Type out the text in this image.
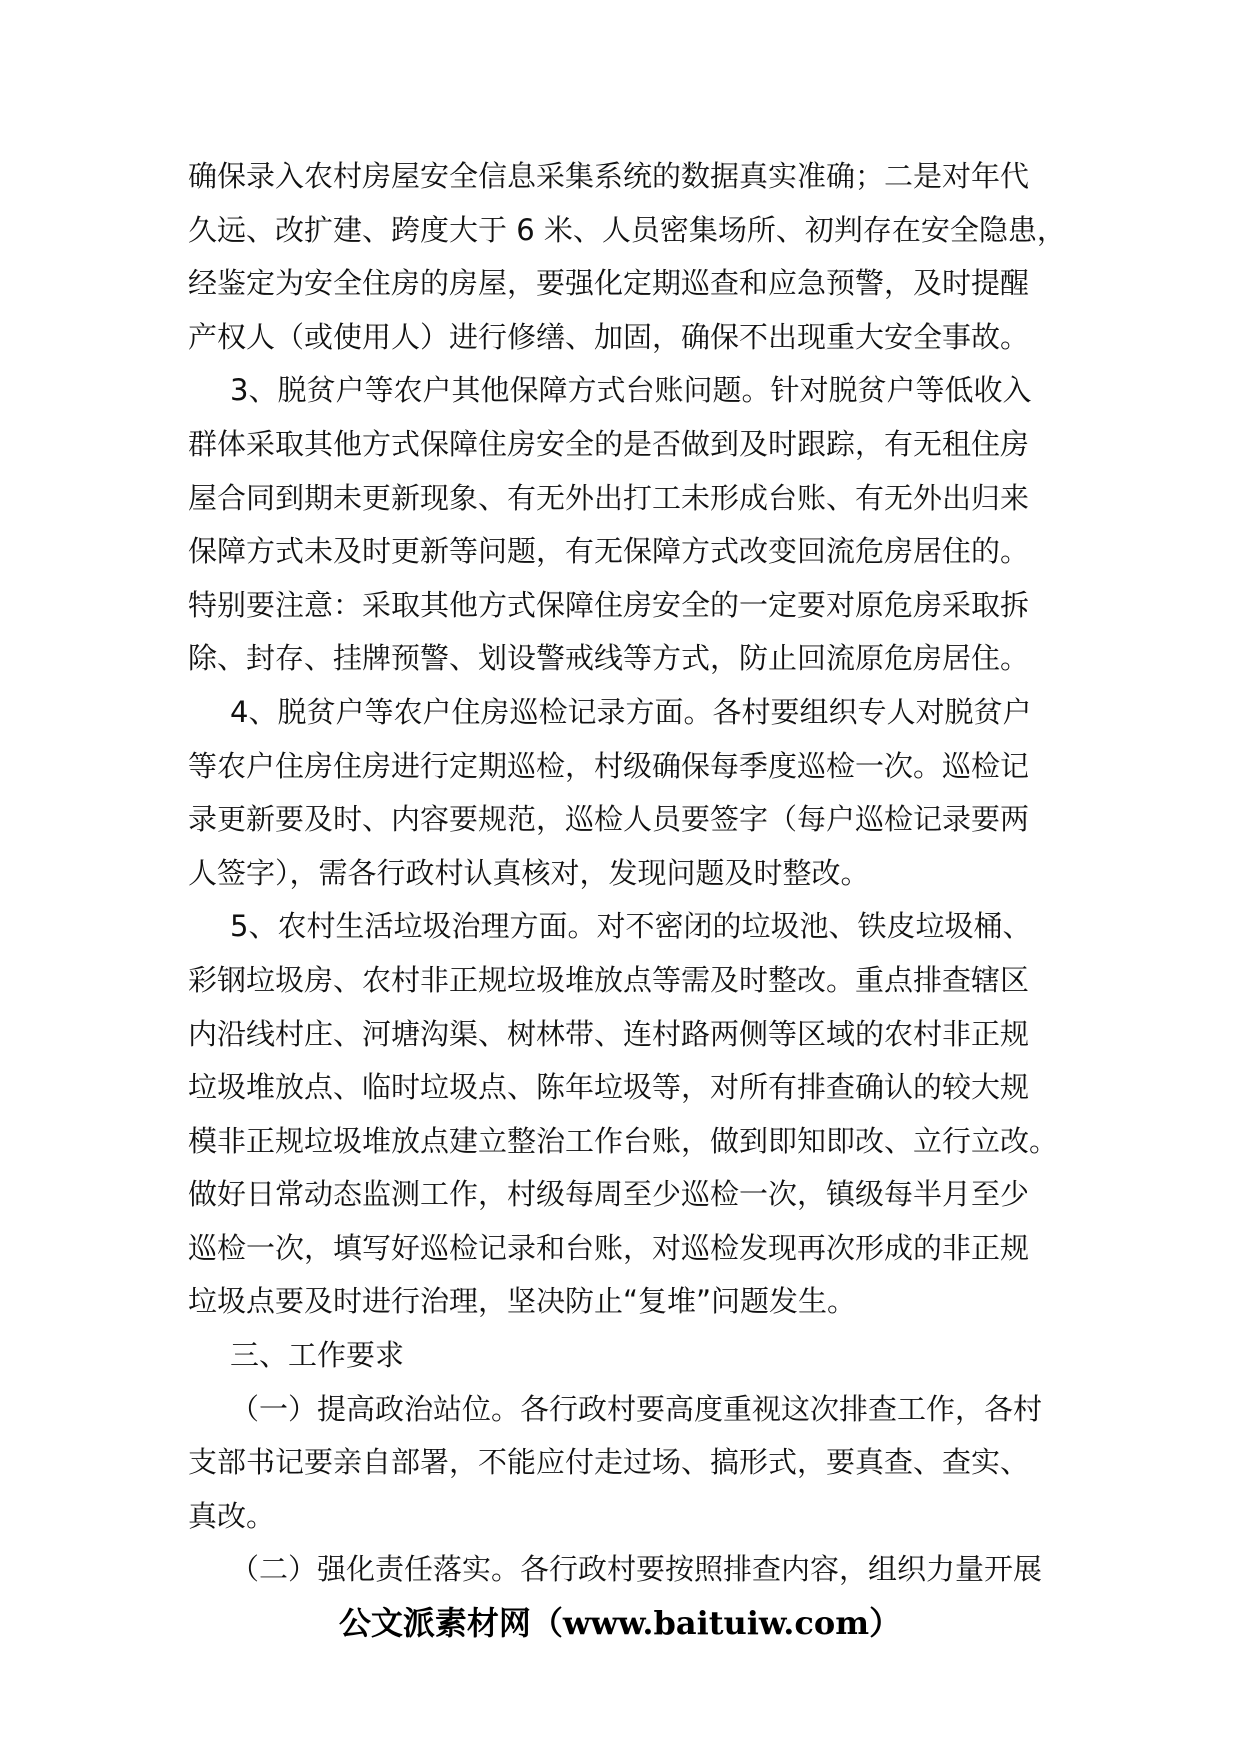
确保录入农村房屋安全信息采集系统的数据真实准确；二是对年代
久远、改扩建、跨度大于 6 米、人员密集场所、初判存在安全隐患，
经鉴定为安全住房的房屋，要强化定期巡查和应急预警，及时提醒
产权人（或使用人）进行修缮、加固，确保不出现重大安全事故。
3、脱贫户等农户其他保障方式台账问题。针对脱贫户等低收入
群体采取其他方式保障住房安全的是否做到及时跟踪，有无租住房
屋合同到期未更新现象、有无外出打工未形成台账、有无外出归来
保障方式未及时更新等问题，有无保障方式改变回流危房居住的。
特别要注意：采取其他方式保障住房安全的一定要对原危房采取拆
除、封存、挂牌预警、划设警戒线等方式，防止回流原危房居住。
4、脱贫户等农户住房巡检记录方面。各村要组织专人对脱贫户
等农户住房住房进行定期巡检，村级确保每季度巡检一次。巡检记
录更新要及时、内容要规范，巡检人员要签字（每户巡检记录要两
人签字），需各行政村认真核对，发现问题及时整改。
5、农村生活垃圾治理方面。对不密闭的垃圾池、铁皮垃圾桶、
彩钢垃圾房、农村非正规垃圾堆放点等需及时整改。重点排查辖区
内沿线村庄、河塘沟渠、树林带、连村路两侧等区域的农村非正规
垃圾堆放点、临时垃圾点、陈年垃圾等，对所有排查确认的较大规
模非正规垃圾堆放点建立整治工作台账，做到即知即改、立行立改。
做好日常动态监测工作，村级每周至少巡检一次，镇级每半月至少
巡检一次，填写好巡检记录和台账，对巡检发现再次形成的非正规
垃圾点要及时进行治理，坚决防止“复堆”问题发生。
三、工作要求
（一）提高政治站位。各行政村要高度重视这次排查工作，各村
支部书记要亲自部署，不能应付走过场、搞形式，要真查、查实、
真改。
（二）强化责任落实。各行政村要按照排查内容，组织力量开展
公文派素材网（www.baituiw.com）
